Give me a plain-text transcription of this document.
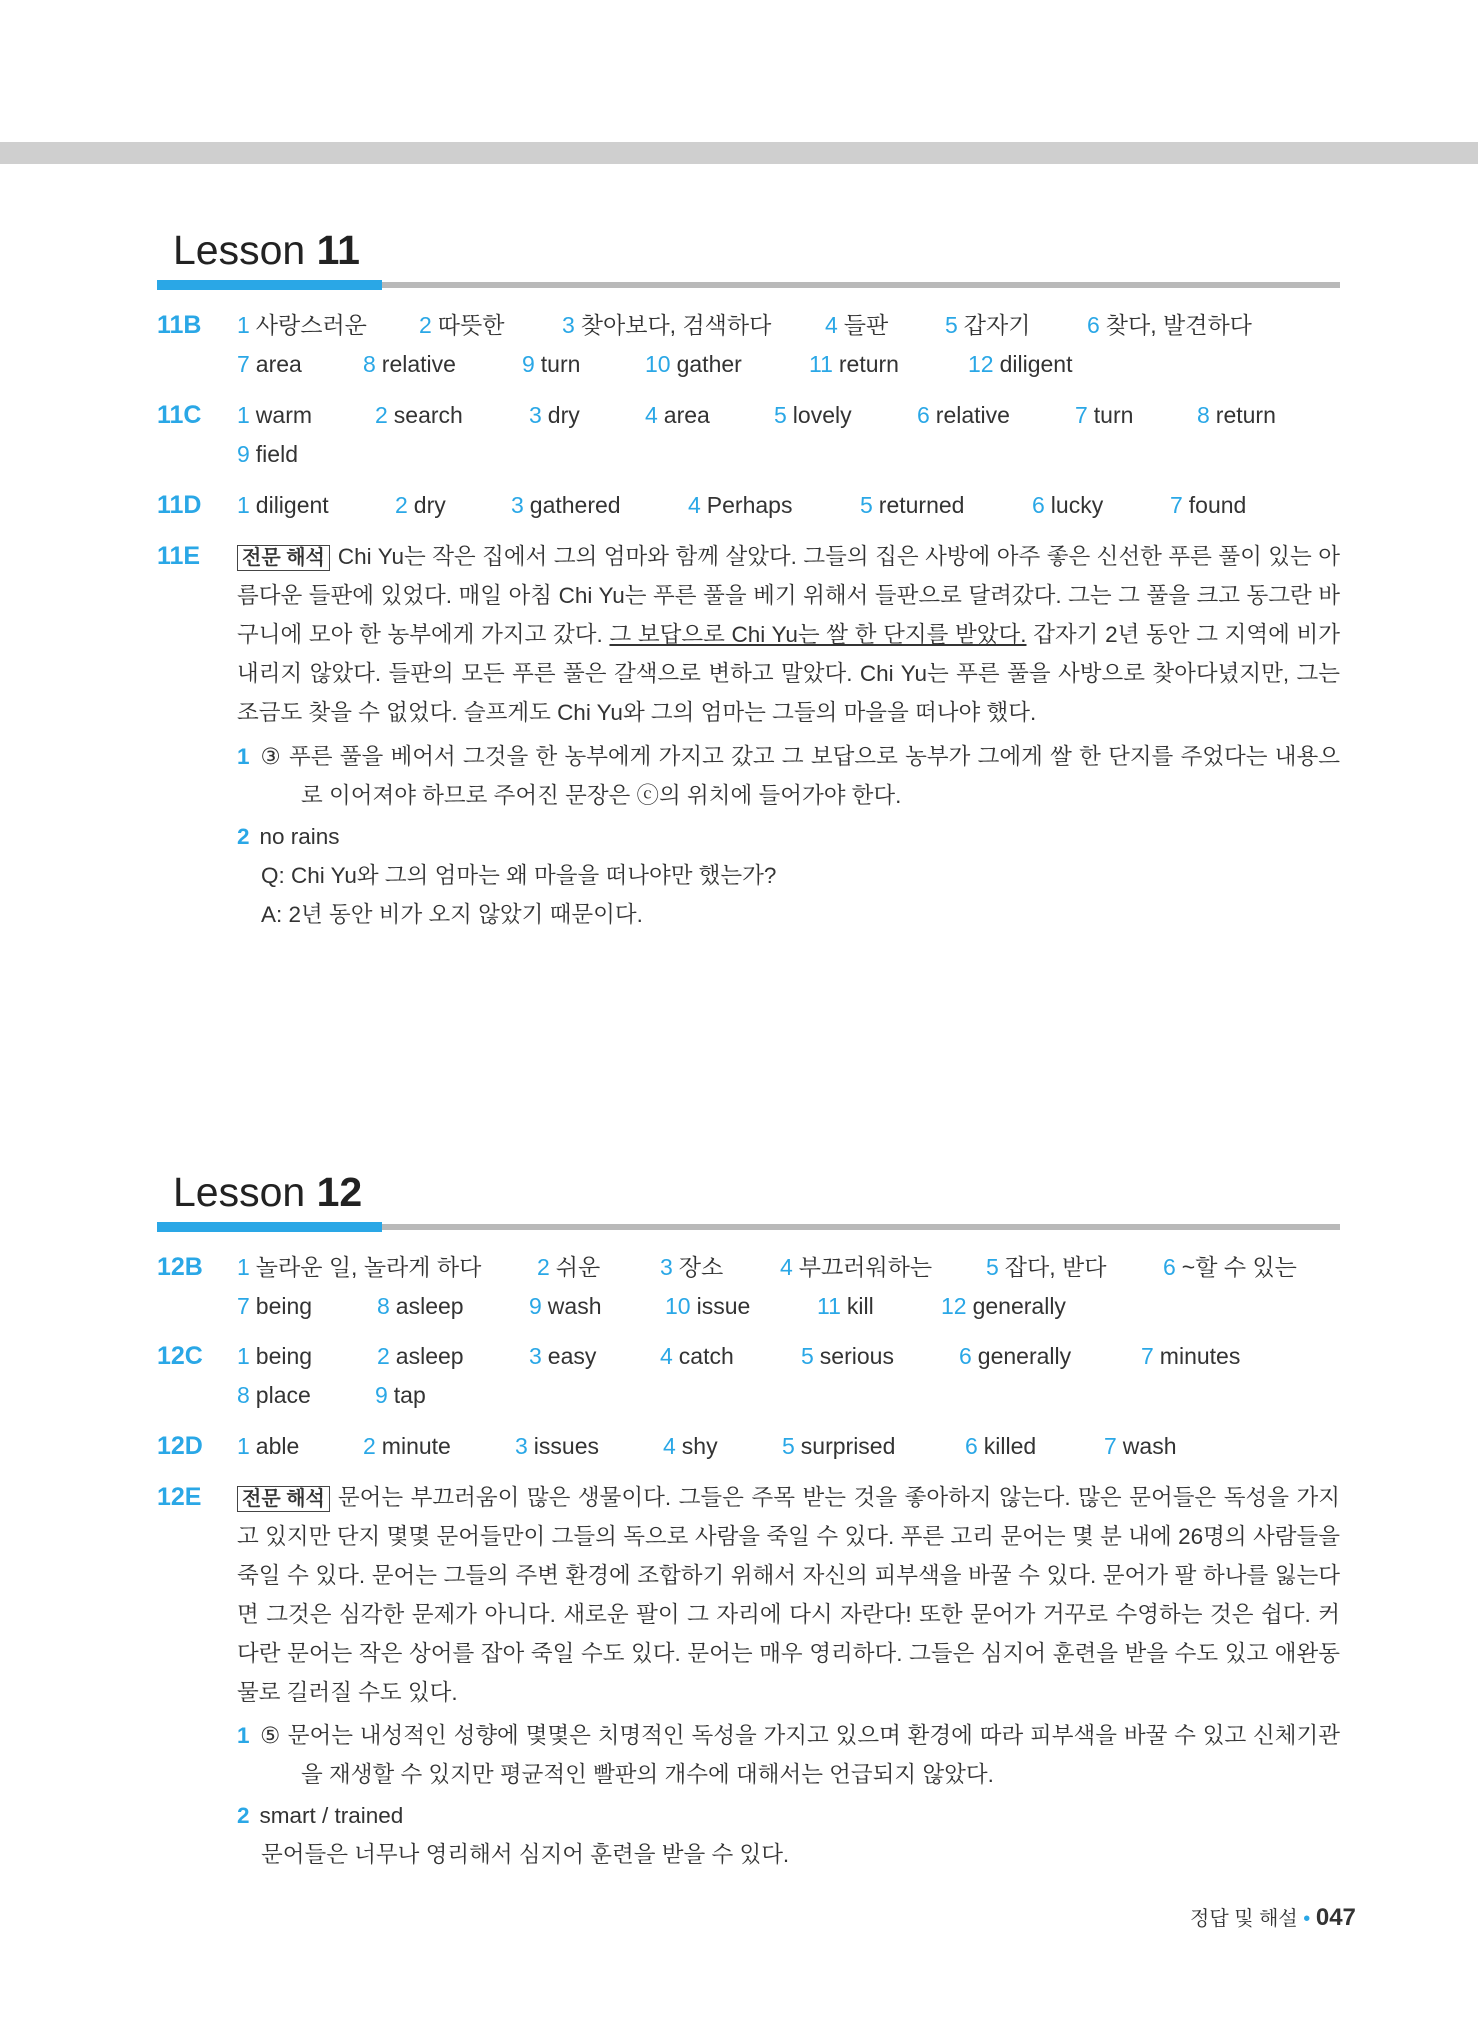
Lesson 11
11B 1 사랑스러운 2 따뜻한	3 찾아보다, 검색하다 4 들판 5 갑자기 6 찾다, 발견하다
7 area	8 relative	9 turn	10 gather	11 return	12 diligent
11C 1 warm	2 search	3 dry	4 area	5 lovely	6 relative	7 turn	8 return
9 field
11D 1 diligent	2 dry	3 gathered	4 Perhaps	5 returned	6 lucky	7 found
11E 전문 해석 Chi Yu는 작은 집에서 그의 엄마와 함께 살았다. 그들의 집은 사방에 아주 좋은 신선한 푸른 풀이 있는 아름다운 들판에 있었다. 매일 아침 Chi Yu는 푸른 풀을 베기 위해서 들판으로 달려갔다. 그는 그 풀을 크고 동그란 바구니에 모아 한 농부에게 가지고 갔다. 그 보답으로 Chi Yu는 쌀 한 단지를 받았다. 갑자기 2년 동안 그 지역에 비가 내리지 않았다. 들판의 모든 푸른 풀은 갈색으로 변하고 말았다. Chi Yu는 푸른 풀을 사방으로 찾아다녔지만, 그는 조금도 찾을 수 없었다. 슬프게도 Chi Yu와 그의 엄마는 그들의 마을을 떠나야 했다.
1 ③ 푸른 풀을 베어서 그것을 한 농부에게 가지고 갔고 그 보답으로 농부가 그에게 쌀 한 단지를 주었다는 내용으로 이어져야 하므로 주어진 문장은 ⓒ의 위치에 들어가야 한다.
2 no rains
Q: Chi Yu와 그의 엄마는 왜 마을을 떠나야만 했는가?
A: 2년 동안 비가 오지 않았기 때문이다.
Lesson 12
12B 1 놀라운 일, 놀라게 하다 2 쉬운	3 장소 4 부끄러워하는 5 잡다, 받다 6 ~할 수 있는
7 being	8 asleep	9 wash	10 issue	11 kill	12 generally
12C 1 being	2 asleep	3 easy	4 catch	5 serious	6 generally	7 minutes
8 place	9 tap
12D 1 able	2 minute	3 issues	4 shy	5 surprised	6 killed	7 wash
12E 전문 해석 문어는 부끄러움이 많은 생물이다. 그들은 주목 받는 것을 좋아하지 않는다. 많은 문어들은 독성을 가지고 있지만 단지 몇몇 문어들만이 그들의 독으로 사람을 죽일 수 있다. 푸른 고리 문어는 몇 분 내에 26명의 사람들을 죽일 수 있다. 문어는 그들의 주변 환경에 조합하기 위해서 자신의 피부색을 바꿀 수 있다. 문어가 팔 하나를 잃는다면 그것은 심각한 문제가 아니다. 새로운 팔이 그 자리에 다시 자란다! 또한 문어가 거꾸로 수영하는 것은 쉽다. 커다란 문어는 작은 상어를 잡아 죽일 수도 있다. 문어는 매우 영리하다. 그들은 심지어 훈련을 받을 수도 있고 애완동물로 길러질 수도 있다.
1 ⑤ 문어는 내성적인 성향에 몇몇은 치명적인 독성을 가지고 있으며 환경에 따라 피부색을 바꿀 수 있고 신체기관을 재생할 수 있지만 평균적인 빨판의 개수에 대해서는 언급되지 않았다.
2 smart / trained
문어들은 너무나 영리해서 심지어 훈련을 받을 수 있다.
정답 및 해설 • 047
